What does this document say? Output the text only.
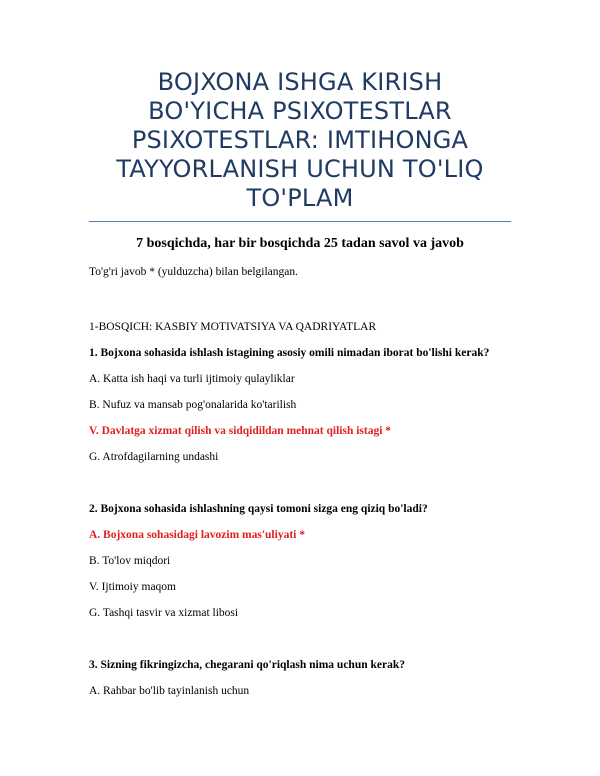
BOJXONA ISHGA KIRISH
BO'YICHA PSIXOTESTLAR
PSIXOTESTLAR: IMTIHONGA
TAYYORLANISH UCHUN TO'LIQ
TO'PLAM
7 bosqichda, har bir bosqichda 25 tadan savol va javob
To'g'ri javob * (yulduzcha) bilan belgilangan.
1-BOSQICH: KASBIY MOTIVATSIYA VA QADRIYATLAR
1. Bojxona sohasida ishlash istagining asosiy omili nimadan iborat bo'lishi kerak?
A. Katta ish haqi va turli ijtimoiy qulayliklar
B. Nufuz va mansab pog'onalarida ko'tarilish
V. Davlatga xizmat qilish va sidqidildan mehnat qilish istagi *
G. Atrofdagilarning undashi
2. Bojxona sohasida ishlashning qaysi tomoni sizga eng qiziq bo'ladi?
A. Bojxona sohasidagi lavozim mas'uliyati *
B. To'lov miqdori
V. Ijtimoiy maqom
G. Tashqi tasvir va xizmat libosi
3. Sizning fikringizcha, chegarani qo'riqlash nima uchun kerak?
A. Rahbar bo'lib tayinlanish uchun
